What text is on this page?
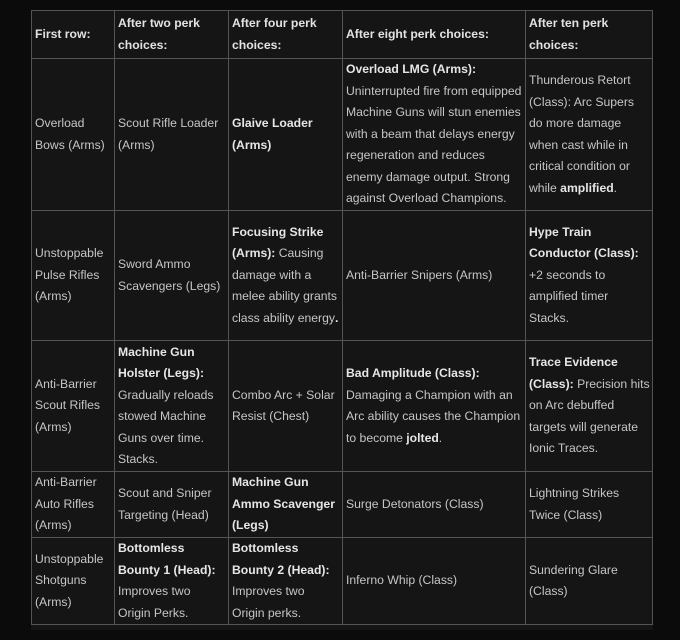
First row:	After two perk choices:	After four perk choices:	After eight perk choices:	After ten perk choices:
Overload Bows (Arms)	Scout Rifle Loader (Arms)	Glaive Loader (Arms)	Overload LMG (Arms): Uninterrupted fire from equipped Machine Guns will stun enemies with a beam that delays energy regeneration and reduces enemy damage output. Strong against Overload Champions.	Thunderous Retort (Class): Arc Supers do more damage when cast while in critical condition or while amplified.
Unstoppable Pulse Rifles (Arms)	Sword Ammo Scavengers (Legs)	Focusing Strike (Arms): Causing damage with a melee ability grants class ability energy.	Anti-Barrier Snipers (Arms)	Hype Train Conductor (Class): +2 seconds to amplified timer Stacks.
Anti-Barrier Scout Rifles (Arms)	Machine Gun Holster (Legs): Gradually reloads stowed Machine Guns over time. Stacks.	Combo Arc + Solar Resist (Chest)	Bad Amplitude (Class): Damaging a Champion with an Arc ability causes the Champion to become jolted.	Trace Evidence (Class): Precision hits on Arc debuffed targets will generate Ionic Traces.
Anti-Barrier Auto Rifles (Arms)	Scout and Sniper Targeting (Head)	Machine Gun Ammo Scavenger (Legs)	Surge Detonators (Class)	Lightning Strikes Twice (Class)
Unstoppable Shotguns (Arms)	Bottomless Bounty 1 (Head): Improves two Origin Perks.	Bottomless Bounty 2 (Head): Improves two Origin perks.	Inferno Whip (Class)	Sundering Glare (Class)
